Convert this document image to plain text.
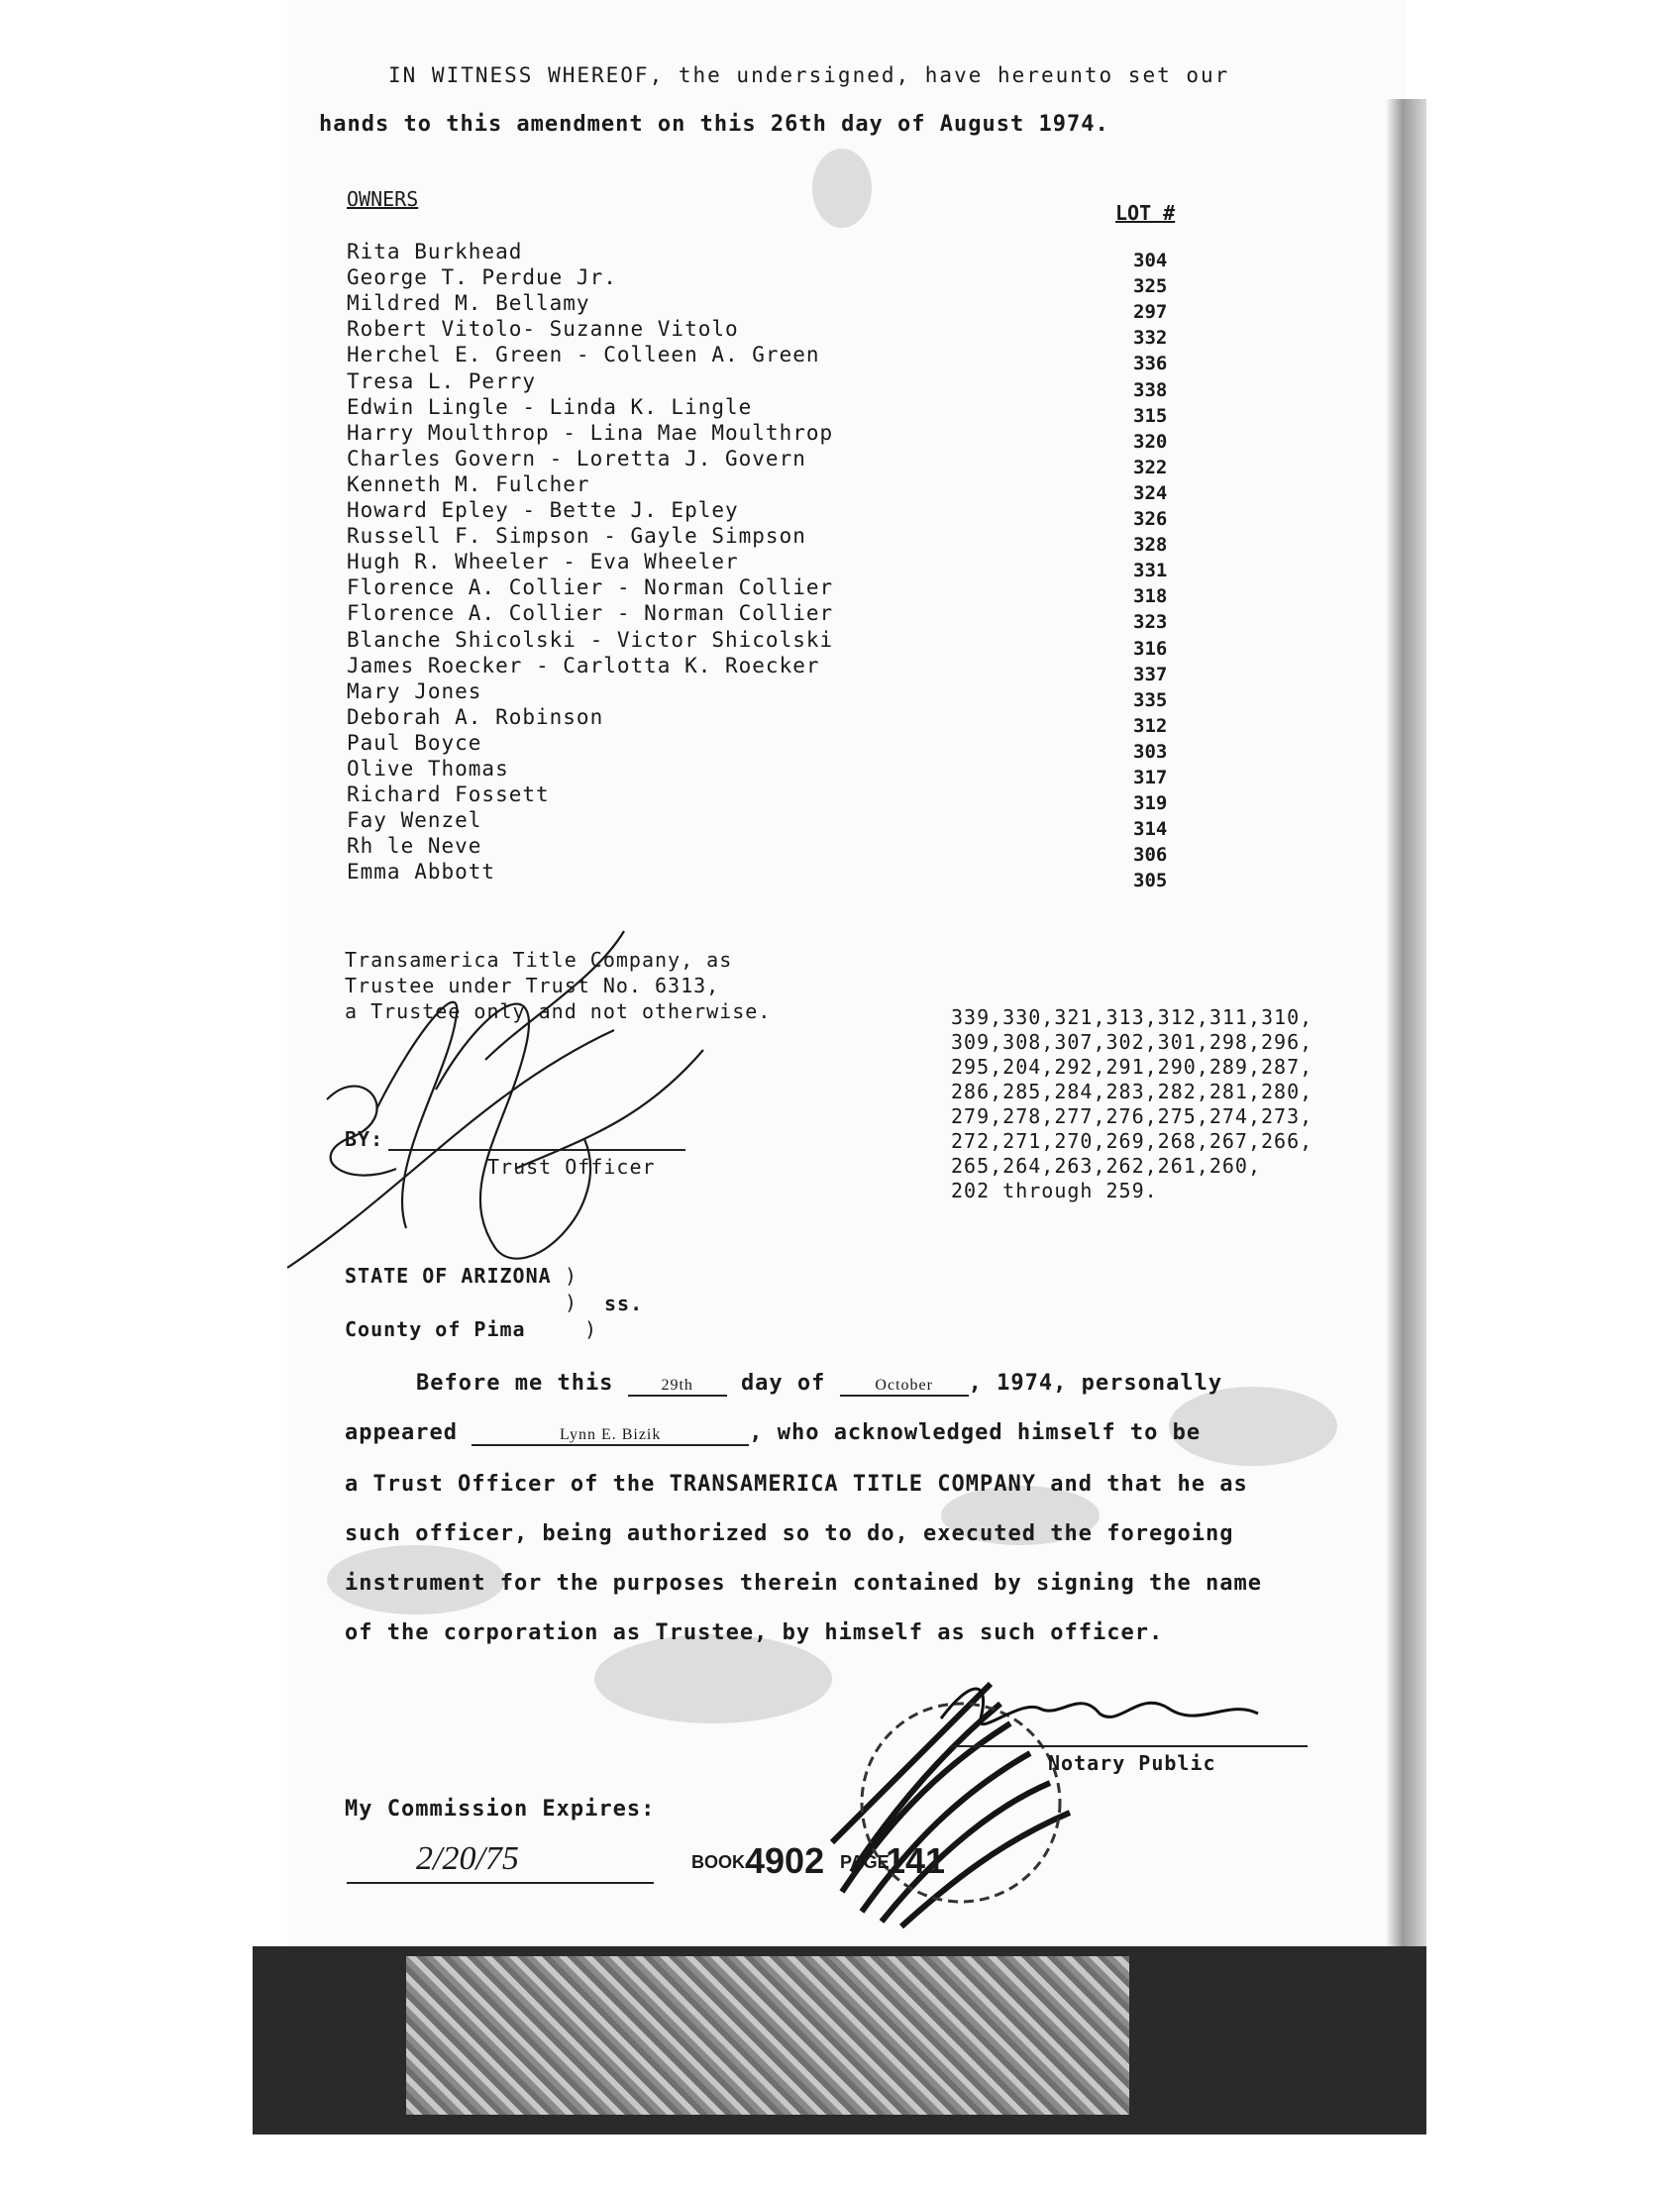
IN WITNESS WHEREOF, the undersigned, have hereunto set our
hands to this amendment on this 26th day of August 1974.
OWNERS
LOT #
Rita Burkhead	304
George T. Perdue Jr.	325
Mildred M. Bellamy	297
Robert Vitolo- Suzanne Vitolo	332
Herchel E. Green - Colleen A. Green	336
Tresa L. Perry	338
Edwin Lingle - Linda K. Lingle	315
Harry Moulthrop - Lina Mae Moulthrop	320
Charles Govern - Loretta J. Govern	322
Kenneth M. Fulcher	324
Howard Epley - Bette J. Epley	326
Russell F. Simpson - Gayle Simpson	328
Hugh R. Wheeler - Eva Wheeler	331
Florence A. Collier - Norman Collier	318
Florence A. Collier - Norman Collier	323
Blanche Shicolski - Victor Shicolski	316
James Roecker - Carlotta K. Roecker	337
Mary Jones	335
Deborah A. Robinson	312
Paul Boyce	303
Olive Thomas	317
Richard Fossett	319
Fay Wenzel	314
Rh le Neve	306
Emma Abbott	305
Transamerica Title Company, as
Trustee under Trust No. 6313,
a Trustee only and not otherwise.	339,330,321,313,312,311,310,
309,308,307,302,301,298,296,
295,204,292,291,290,289,287,
286,285,284,283,282,281,280,
279,278,277,276,275,274,273,
272,271,270,269,268,267,266,
265,264,263,262,261,260,
202 through 259.
BY:
Trust Officer
STATE OF ARIZONA )
) ss.
County of Pima	)
Before me this	29th day of	October , 1974, personally
appeared	Lynn E. Bizik	, who acknowledged himself to be
a Trust Officer of the TRANSAMERICA TITLE COMPANY and that he as
such officer, being authorized so to do, executed the foregoing
instrument for the purposes therein contained by signing the name
of the corporation as Trustee, by himself as such officer.
Notary Public
My Commission Expires:
2/20/75	BOOK 4902 PAGE
141
